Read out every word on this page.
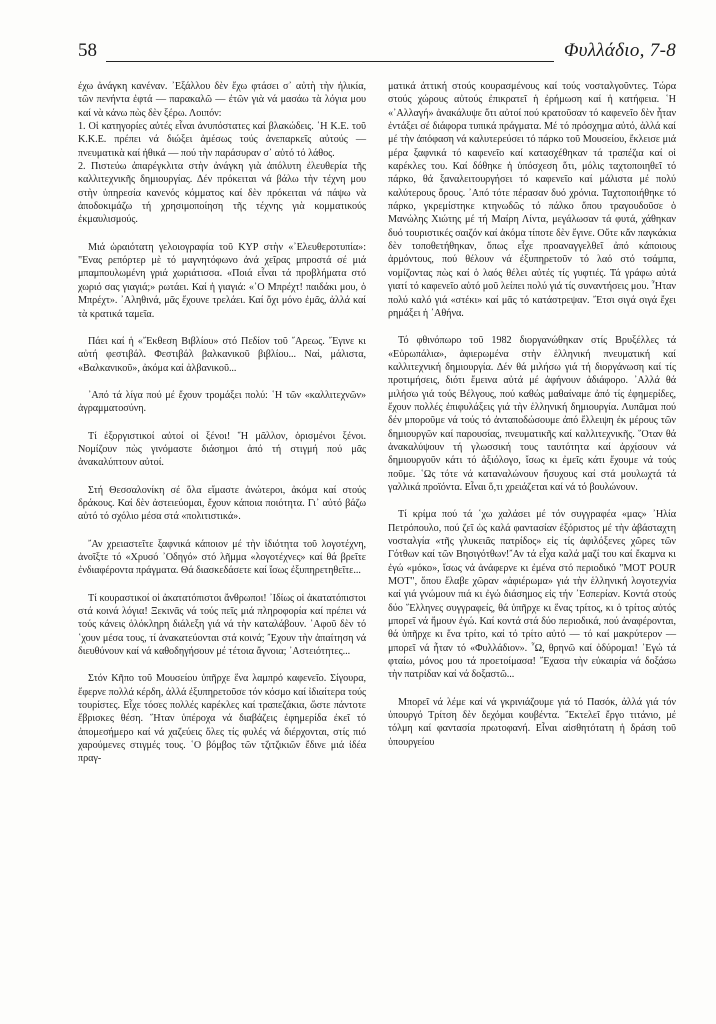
58	Φυλλάδιο, 7-8

έχω ἀνάγκη κανέναν. ᾿Εξάλλου δὲν ἔχω φτάσει σ᾿ αὐτὴ τὴν ἡλικία, τῶν πενήντα ἐφτά — παρακαλῶ — ἐτῶν γιὰ νά μασάω τὰ λόγια μου καί νὰ κάνω πὼς δὲν ξέρω. Λοιπόν:

1. Οἱ κατηγορίες αὐτές εἶναι ἀνυπόστατες καί βλακώδεις. ῾Η Κ.Ε. τοῦ Κ.Κ.Ε. πρέπει νά διώξει ἀμέσως τούς ἀνεπαρκεῖς αὐτούς — πνευματικὰ καί ἠθικά — πού τὴν παράσυραν σ᾿ αὐτό τό λάθος.

2. Πιστεύω ἀπαρέγκλιτα στὴν ἀνάγκη γιὰ ἀπόλυτη ἐλευθερία τῆς καλλιτεχνικῆς δημιουργίας. Δέν πρόκειται νά βάλω τὴν τέχνη μου στὴν ὑπηρεσία κανενός κόμματος καί δὲν πρόκειται νά πάψω νὰ ἀποδοκιμάζω τή χρησιμοποίηση τῆς τέχνης γιὰ κομματικούς ἐκμαυλισμούς.

Μιά ὡραιότατη γελοιογραφία τοῦ ΚΥΡ στὴν «᾿Ελευθεροτυπία»: "Ενας ρεπόρτερ μὲ τό μαγνητόφωνο ἀνά χεῖρας μπροστά σέ μιά μπαμπουλωμένη γριά χωριάτισσα. «Ποιά εἶναι τά προβλήματα στό χωριό σας γιαγιά;» ρωτάει. Καί ἡ γιαγιά: «᾿Ο Μπρέχτ! παιδάκι μου, ὁ Μπρέχτ». ᾿Αληθινά, μᾶς ἔχουνε τρελάει. Καί ὄχι μόνο ἐμᾶς, ἀλλά καί τὰ κρατικά ταμεῖα.

Πάει καί ἡ «῎Εκθεση Βιβλίου» στό Πεδίον τοῦ ῎Αρεως. ῎Εγινε κι αὐτή φεστιβάλ. Φεστιβάλ βαλκανικοῦ βιβλίου... Ναί, μάλιστα, «Βαλκανικοῦ», ἀκόμα καί ἀλβανικοῦ...

᾿Από τά λίγα πού μέ ἔχουν τρομάξει πολύ: ῾Η τῶν «καλλιτεχνῶν» ἀγραμματοσύνη.

Τί ἐξοργιστικοί αὐτοί οἱ ξένοι! ῞Η μᾶλλον, ὁρισμένοι ξένοι. Νομίζουν πὼς γινόμαστε διάσημοι ἀπό τή στιγμή πού μᾶς ἀνακαλύπτουν αὐτοί.

Στή Θεσσαλονίκη σέ ὅλα εἴμαστε ἀνώτεροι, ἀκόμα καί στούς δράκους. Καί δὲν ἀστειεύομαι, ἔχουν κάποια ποιότητα. Γι᾿ αὐτό βάζω αὐτό τό σχόλιο μέσα στά «πολιτιστικά».

῎Αν χρειαστεῖτε ξαφνικά κάποιον μέ τὴν ἰδιότητα τοῦ λογοτέχνη, ἀνοῖξτε τό «Χρυσό ᾿Οδηγό» στό λῆμμα «λογοτέχνες» καί θά βρεῖτε ἐνδιαφέροντα πράγματα. Θά διασκεδάσετε καί ἴσως ἐξυπηρετηθεῖτε...

Τί κουραστικοί οἱ ἀκατατόπιστοι ἄνθρωποι! ᾿Ιδίως οἱ ἀκατατόπιστοι στά κοινά λόγια! Ξεκινᾶς νά τούς πεῖς μιά πληροφορία καί πρέπει νά τούς κάνεις ὁλόκληρη διάλεξη γιά νά τὴν καταλάβουν. ᾿Αφοῦ δὲν τό ῾χουν μέσα τους, τί ἀνακατεύονται στά κοινά; ῎Εχουν τὴν ἀπαίτηση νά διευθύνουν καί νά καθοδηγήσουν μέ τέτοια ἄγνοια; ᾿Αστειότητες...

Στόν Κῆπο τοῦ Μουσείου ὑπῆρχε ἕνα λαμπρό καφενεῖο. Σίγουρα, ἔφερνε πολλά κέρδη, ἀλλά ἐξυπηρετοῦσε τόν κόσμο καί ἰδιαίτερα τούς τουρίστες. Εἶχε τόσες πολλές καρέκλες καί τραπεζάκια, ὥστε πάντοτε ἔβρισκες θέση. ῞Ηταν ὑπέροχα νά διαβάζεις ἐφημερίδα ἐκεῖ τό ἀπομεσήμερο καί νά χαζεύεις ὅλες τίς φυλές νά διέρχονται, στίς πιό χαρούμενες στιγμές τους. ῾Ο βόμβος τῶν τζιτζικιῶν ἔδινε μιά ἰδέα πραγ-

ματικά ἀττική στούς κουρασμένους καί τούς νοσταλγοῦντες. Τώρα στούς χώρους αὐτούς ἐπικρατεῖ ἡ ἐρήμωση καί ἡ κατήφεια. ῾Η «᾿Αλλαγή» ἀνακάλυψε ὅτι αὐτοί πού κρατοῦσαν τό καφενεῖο δὲν ἦταν ἐντάξει σέ διάφορα τυπικά πράγματα. Μέ τό πρόσχημα αὐτό, ἀλλά καί μέ τὴν ἀπόφαση νά καλυτερεύσει τό πάρκο τοῦ Μουσείου, ἔκλεισε μιά μέρα ξαφνικά τό καφενεῖο καί κατασχέθηκαν τά τραπέζια καί οἱ καρέκλες του. Καί δόθηκε ἡ ὑπόσχεση ὅτι, μόλις ταχτοποιηθεῖ τό πάρκο, θά ξαναλειτουργήσει τό καφενεῖο καί μάλιστα μέ πολύ καλύτερους ὅρους. ᾿Από τότε πέρασαν δυό χρόνια. Ταχτοποιήθηκε τό πάρκο, γκρεμίστηκε κτηνωδῶς τό πάλκο ὅπου τραγουδοῦσε ὁ Μανώλης Χιώτης μέ τή Μαίρη Λίντα, μεγάλωσαν τά φυτά, χάθηκαν δυό τουριστικές σαιζόν καί ἀκόμα τίποτε δὲν ἔγινε. Οὔτε κἄν παγκάκια δὲν τοποθετήθηκαν, ὅπως εἶχε προαναγγελθεῖ ἀπό κάποιους ἁρμόντους, πού θέλουν νά ἐξυπηρετοῦν τό λαό στό τσάμπα, νομίζοντας πὼς καί ὁ λαός θέλει αὐτές τίς γυφτιές. Τά γράφω αὐτά γιατί τό καφενεῖο αὐτό μοῦ λείπει πολύ γιά τίς συναντήσεις μου. ῏Ηταν πολύ καλό γιά «στέκι» καί μᾶς τό κατάστρεψαν. ῎Ετσι σιγά σιγά ἔχει ρημάξει ἡ ᾿Αθήνα.

Τό φθινόπωρο τοῦ 1982 διοργανώθηκαν στίς Βρυξέλλες τά «Εὐρωπάλια», ἀφιερωμένα στὴν ἑλληνική πνευματική καί καλλιτεχνική δημιουργία. Δέν θά μιλήσω γιά τή διοργάνωση καί τίς προτιμήσεις, διότι ἔμεινα αὐτά μέ ἀφήνουν ἀδιάφορο. ᾿Αλλά θά μιλήσω γιά τούς Βέλγους, πού καθώς μαθαίναμε ἀπό τίς ἐφημερίδες, ἔχουν πολλές ἐπιφυλάξεις γιά τὴν ἑλληνική δημιουργία. Λυπᾶμαι πού δέν μποροῦμε νά τούς τό ἀνταποδώσουμε ἀπό ἔλλειψη ἐκ μέρους τῶν δημιουργῶν καί παρουσίας, πνευματικῆς καί καλλιτεχνικῆς. ῞Οταν θά ἀνακαλύψουν τή γλωσσική τους ταυτότητα καί ἀρχίσουν νά δημιουργοῦν κάτι τό ἀξιόλογο, ἴσως κι ἐμεῖς κάτι ἔχουμε νά τούς ποῦμε. ῾Ως τότε νά καταναλώνουν ἥσυχους καί στά μουλωχτά τά γαλλικά προϊόντα. Εἶναι ὅ,τι χρειάζεται καί νά τό βουλώνουν.

Τί κρίμα πού τά ῾χω χαλάσει μέ τόν συγγραφέα «μας» ᾿Ηλία Πετρόπουλο, πού ζεῖ ὡς καλά φαντασίαν ἐξόριστος μέ τὴν ἀβάσταχτη νοσταλγία «τῆς γλυκειᾶς πατρίδος» εἰς τίς ἀφιλόξενες χῶρες τῶν Γότθων καί τῶν Βησιγότθων!῎Αν τά εἶχα καλά μαζί του καί ἔκαμνα κι ἐγώ «μόκο», ἴσως νά ἀνάφερνε κι ἐμένα στό περιοδικό "MOT POUR MOT", ὅπου ἔλαβε χῶραν «ἀφιέρωμα» γιά τὴν ἑλληνική λογοτεχνία καί γιά γνώμουν πιά κι ἐγώ διάσημος εἰς τήν ᾿Εσπερίαν. Κοντά στούς δύο ῞Ελληνες συγγραφείς, θά ὑπῆρχε κι ἕνας τρίτος, κι ὁ τρίτος αὐτός μπορεῖ νά ἤμουν ἐγώ. Καί κοντά στά δύο περιοδικά, πού ἀναφέρονται, θά ὑπῆρχε κι ἕνα τρίτο, καί τό τρίτο αὐτό — τό καί μακρύτερον — μπορεῖ νά ἦταν τό «Φυλλάδιον». ῏Ω, θρηνῶ καί ὀδύρομαι! ᾿Εγώ τά φταίω, μόνος μου τά προετοίμασα! ῎Εχασα τὴν εὐκαιρία νά δοξάσω τὴν πατρίδαν καί νά δοξαστῶ...

Μπορεῖ νά λέμε καί νά γκρινιάζουμε γιά τό Πασόκ, ἀλλά γιά τόν ὑπουργό Τρίτση δὲν δεχόμαι κουβέντα. ῎Εκτελεῖ ἔργο τιτάνιο, μέ τόλμη καί φαντασία πρωτοφανή. Εἶναι αἰσθητότατη ἡ δράση τοῦ ὑπουργείου
